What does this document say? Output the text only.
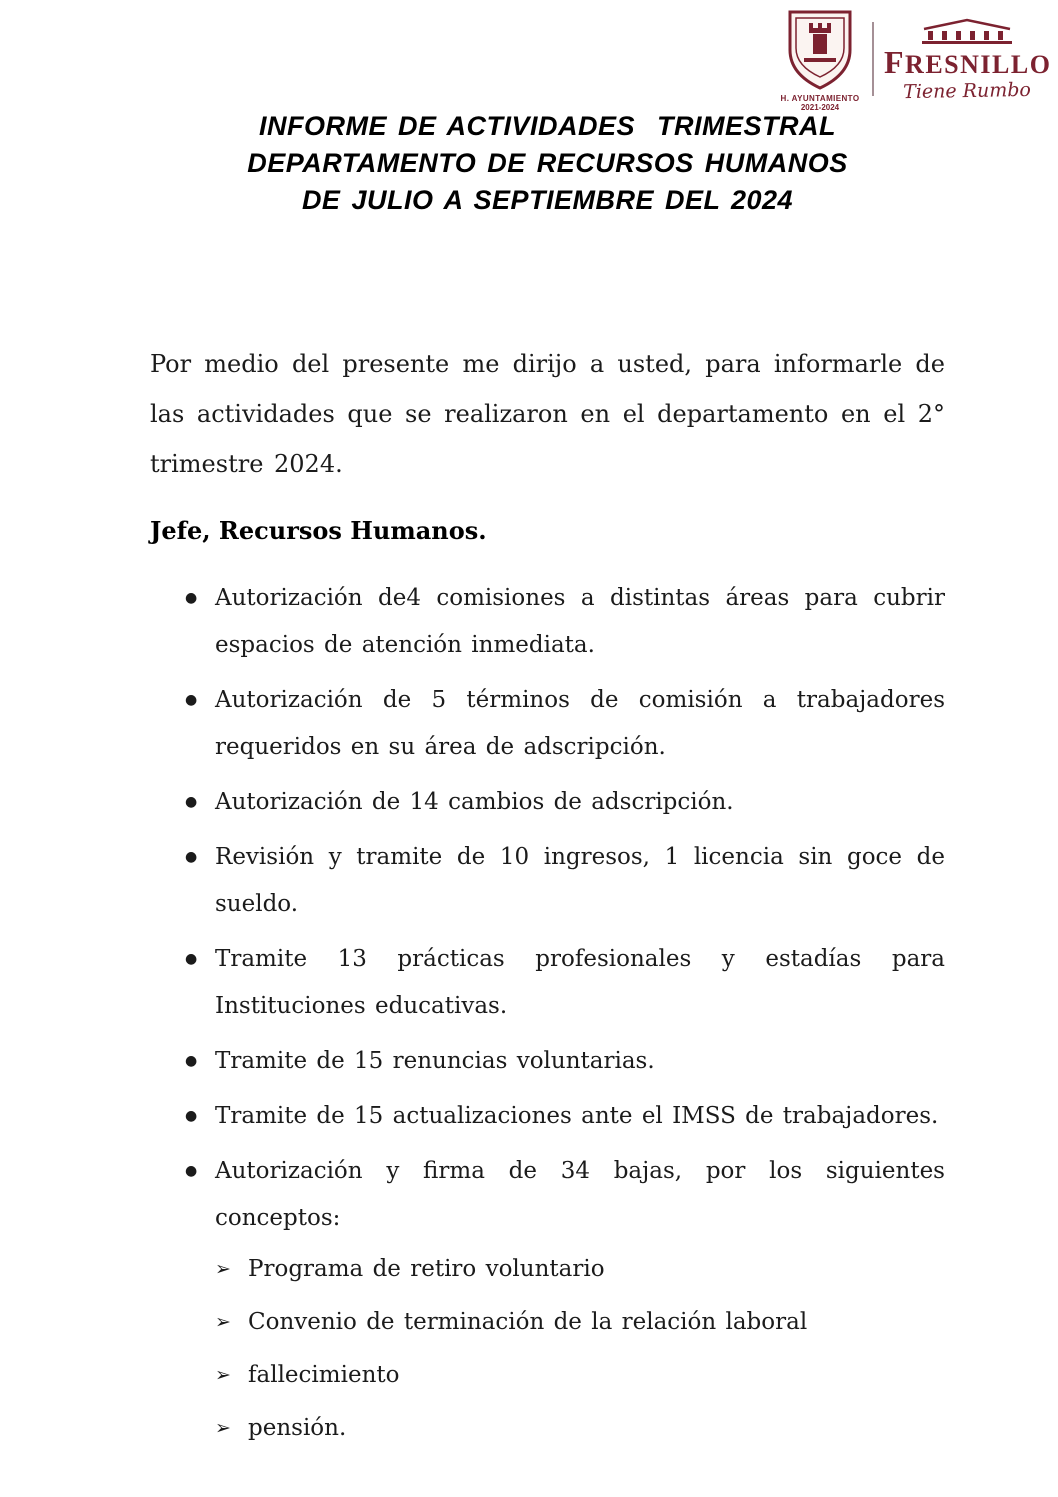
H. AYUNTAMIENTO
2021-2024
FRESNILLO
Tiene Rumbo
INFORME DE ACTIVIDADES  TRIMESTRAL
DEPARTAMENTO DE RECURSOS HUMANOS
DE JULIO A SEPTIEMBRE DEL 2024

Por medio del presente me dirijo a usted, para informarle de las actividades que se realizaron en el departamento en el 2° trimestre 2024.

Jefe, Recursos Humanos.
● Autorización de4 comisiones a distintas áreas para cubrir espacios de atención inmediata.
● Autorización de 5 términos de comisión a trabajadores requeridos en su área de adscripción.
● Autorización de 14 cambios de adscripción.
● Revisión y tramite de 10 ingresos, 1 licencia sin goce de sueldo.
● Tramite 13 prácticas profesionales y estadías para Instituciones educativas.
● Tramite de 15 renuncias voluntarias.
● Tramite de 15 actualizaciones ante el IMSS de trabajadores.
● Autorización y firma de 34 bajas, por los siguientes conceptos:
➢ Programa de retiro voluntario
➢ Convenio de terminación de la relación laboral
➢ fallecimiento
➢ pensión.
